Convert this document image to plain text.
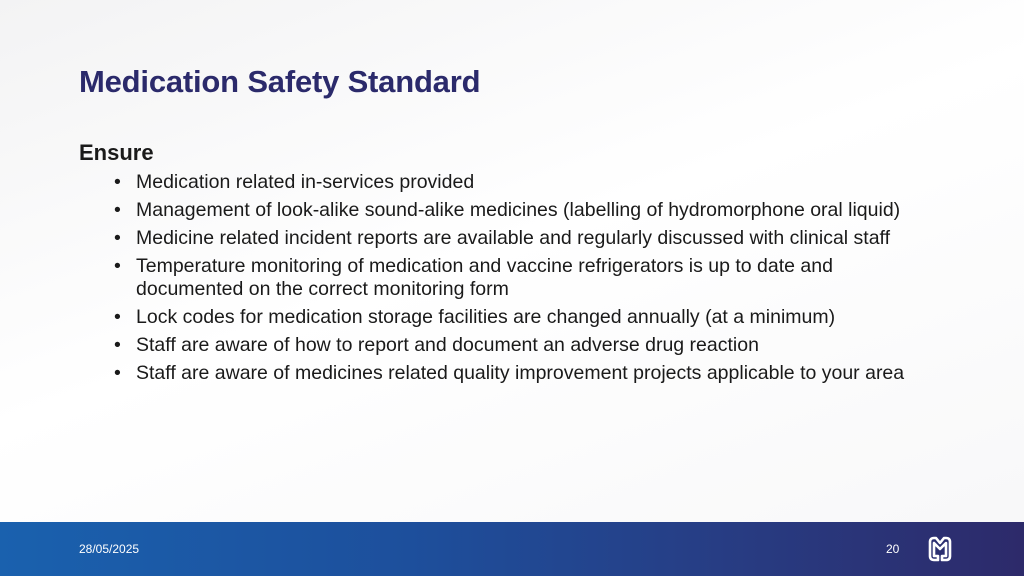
Medication Safety Standard
Ensure
• Medication related in-services provided
• Management of look-alike sound-alike medicines (labelling of hydromorphone oral liquid)
• Medicine related incident reports are available and regularly discussed with clinical staff
• Temperature monitoring of medication and vaccine refrigerators is up to date and documented on the correct monitoring form
• Lock codes for medication storage facilities are changed annually (at a minimum)
• Staff are aware of how to report and document an adverse drug reaction
• Staff are aware of medicines related quality improvement projects applicable to your area
28/05/2025	20
